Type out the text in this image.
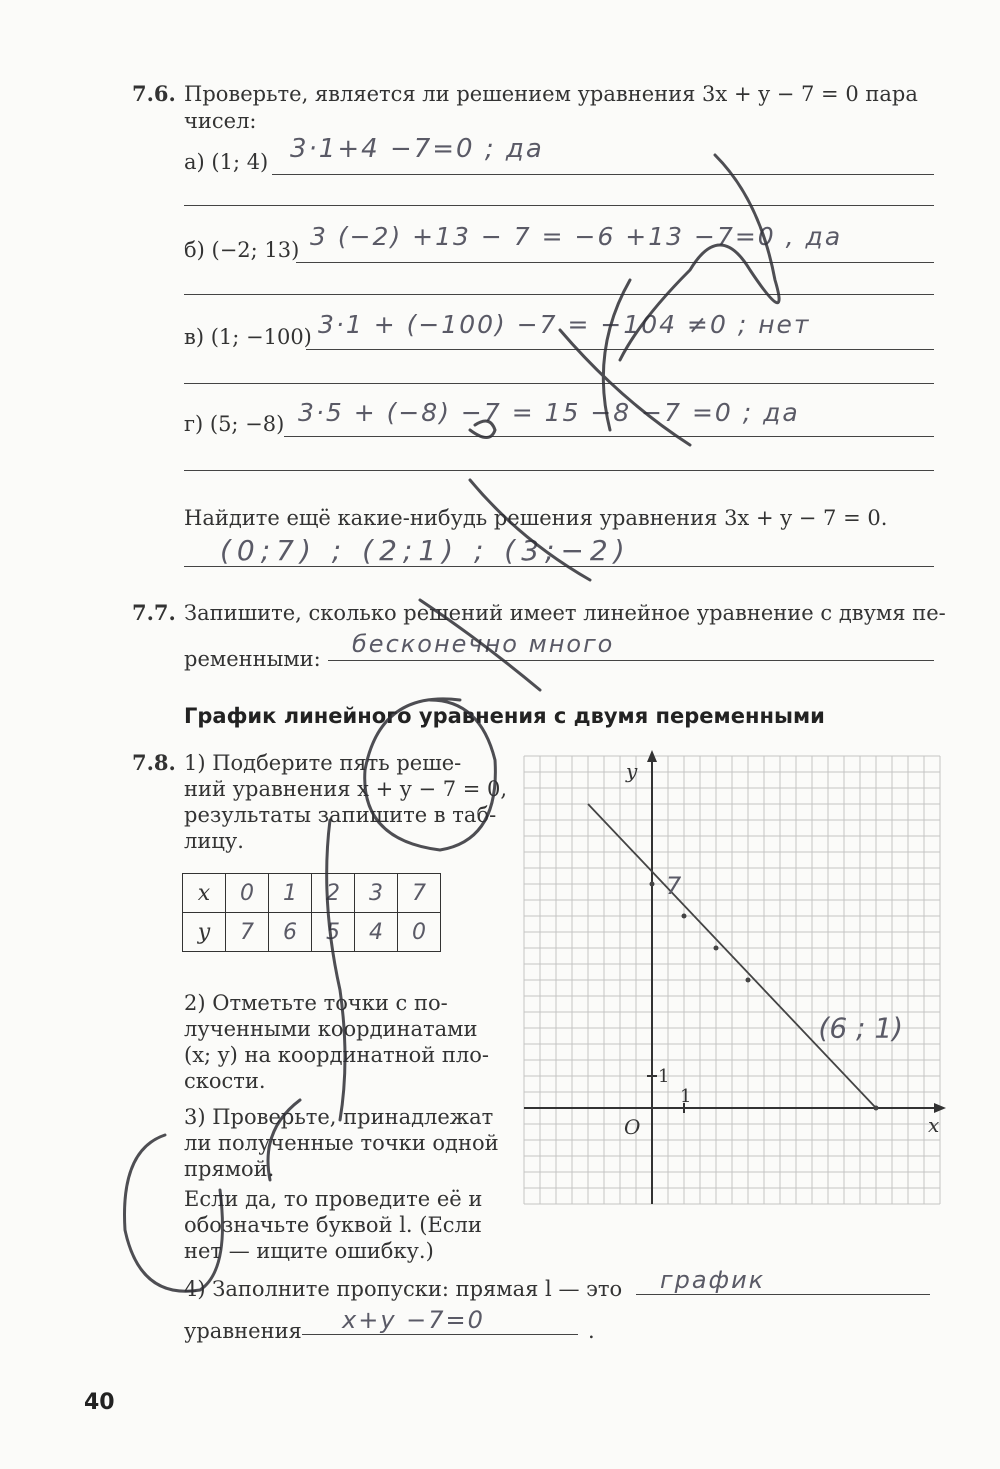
7.6. Проверьте, является ли решением уравнения 3x + y − 7 = 0 пара
чисел:
а) (1; 4) 3·1+4 −7=0 ; да
б) (−2; 13) 3 (−2) +13 − 7 = −6 +13 −7=0 , да
в) (1; −100) 3·1 + (−100) −7 = −104 ≠0 ; нет
г) (5; −8) 3·5 + (−8) −7 = 15 −8 −7 =0 ; да
Найдите ещё какие-нибудь решения уравнения 3x + y − 7 = 0.
(0;7) ; (2;1) ; (3;−2)
7.7. Запишите, сколько решений имеет линейное уравнение с двумя пе-
ременными:
бесконечно много
График линейного уравнения с двумя переменными
7.8. 1) Подберите пять реше-
ний уравнения x + y − 7 = 0,
результаты запишите в таб-
лицу.
x	0	1	2	3	7
y	7	6	5	4	0
2) Отметьте точки с по-
лученными координатами
(x; y) на координатной пло-
скости.
3) Проверьте, принадлежат
ли полученные точки одной
прямой.
Если да, то проведите её и
обозначьте буквой l. (Если
нет — ищите ошибку.)
4) Заполните пропуски: прямая l — это график
уравнения x+y −7=0	.
x
y
O
1
1
7
(6 ; 1)
40
